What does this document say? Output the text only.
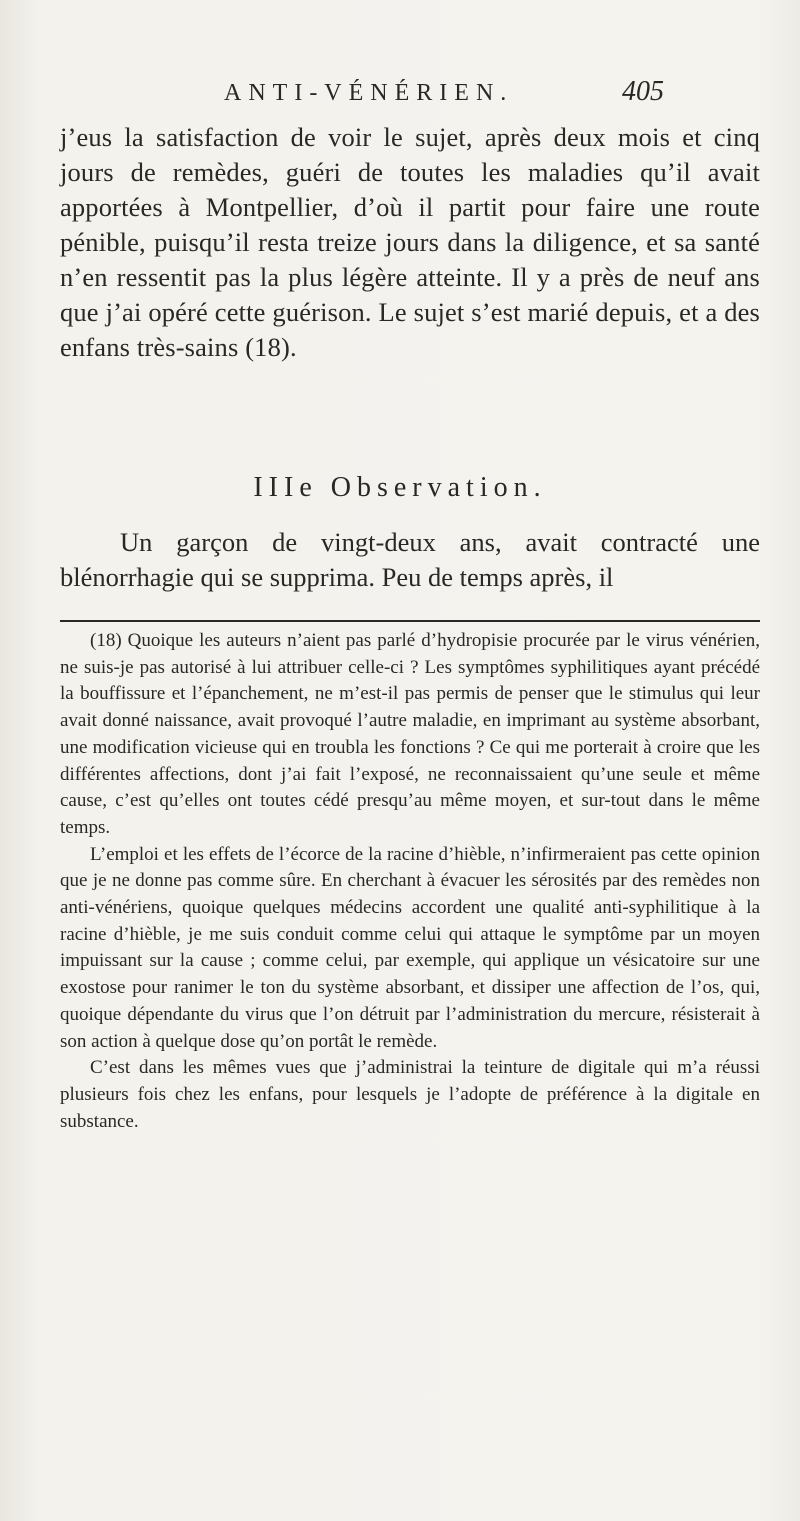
ANTI-VÉNÉRIEN.	405

j’eus la satisfaction de voir le sujet, après deux mois et cinq jours de remèdes, guéri de toutes les maladies qu’il avait apportées à Montpellier, d’où il partit pour faire une route pénible, puisqu’il resta treize jours dans la diligence, et sa santé n’en ressentit pas la plus légère atteinte. Il y a près de neuf ans que j’ai opéré cette guérison. Le sujet s’est marié depuis, et a des enfans très-sains (18).

IIIe Observation.
Un garçon de vingt-deux ans, avait contracté une blénorrhagie qui se supprima. Peu de temps après, il

(18) Quoique les auteurs n’aient pas parlé d’hydropisie procurée par le virus vénérien, ne suis-je pas autorisé à lui attribuer celle-ci ? Les symptômes syphilitiques ayant précédé la bouffissure et l’épanchement, ne m’est-il pas permis de penser que le stimulus qui leur avait donné naissance, avait provoqué l’autre maladie, en imprimant au système absorbant, une modification vicieuse qui en troubla les fonctions ? Ce qui me porterait à croire que les différentes affections, dont j’ai fait l’exposé, ne reconnaissaient qu’une seule et même cause, c’est qu’elles ont toutes cédé presqu’au même moyen, et sur-tout dans le même temps.

L’emploi et les effets de l’écorce de la racine d’hièble, n’infirmeraient pas cette opinion que je ne donne pas comme sûre. En cherchant à évacuer les sérosités par des remèdes non anti-vénériens, quoique quelques médecins accordent une qualité anti-syphilitique à la racine d’hièble, je me suis conduit comme celui qui attaque le symptôme par un moyen impuissant sur la cause ; comme celui, par exemple, qui applique un vésicatoire sur une exostose pour ranimer le ton du système absorbant, et dissiper une affection de l’os, qui, quoique dépendante du virus que l’on détruit par l’administration du mercure, résisterait à son action à quelque dose qu’on portât le remède.

C’est dans les mêmes vues que j’administrai la teinture de digitale qui m’a réussi plusieurs fois chez les enfans, pour lesquels je l’adopte de préférence à la digitale en substance.
